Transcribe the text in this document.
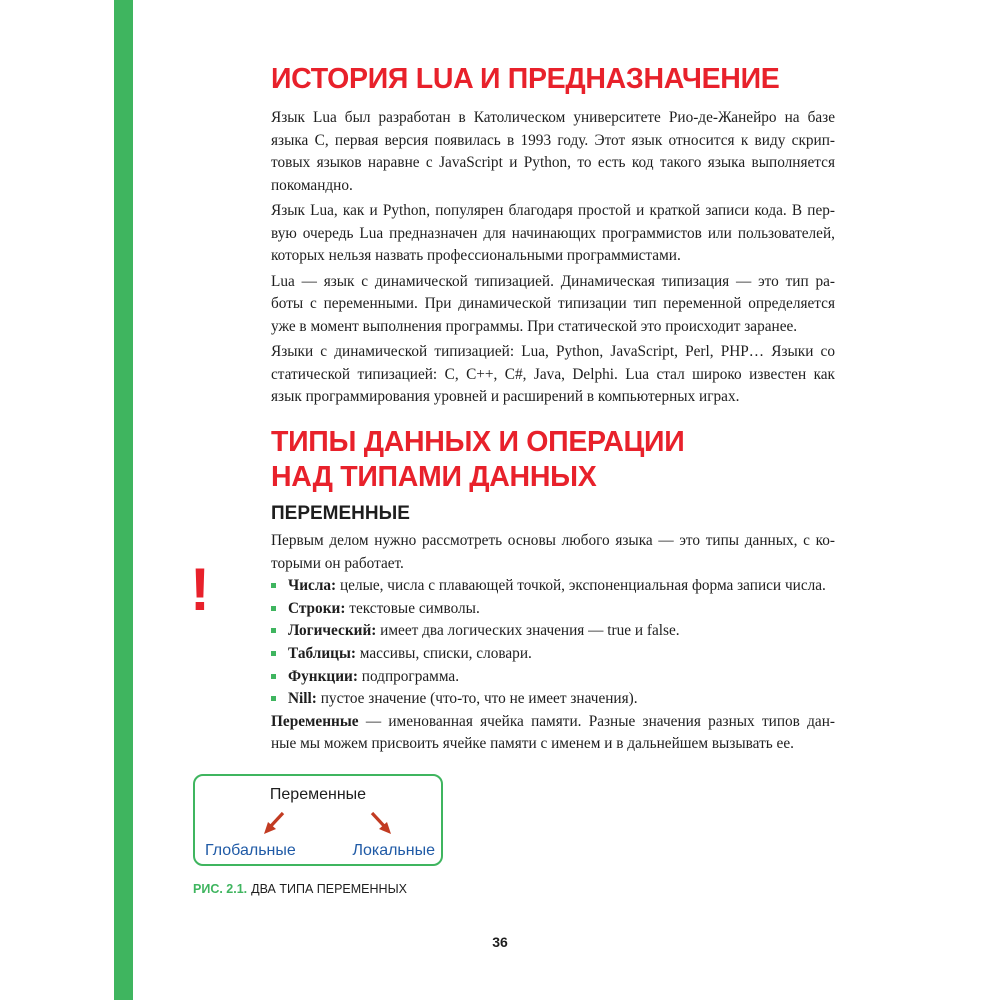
ИСТОРИЯ LUA И ПРЕДНАЗНАЧЕНИЕ

Язык Lua был разработан в Католическом университете Рио-де-Жанейро на базе
языка С, первая версия появилась в 1993 году. Этот язык относится к виду скрип-
товых языков наравне с JavaScript и Python, то есть код такого языка выполняется
покомандно.

Язык Lua, как и Python, популярен благодаря простой и краткой записи кода. В пер-
вую очередь Lua предназначен для начинающих программистов или пользователей,
которых нельзя назвать профессиональными программистами.

Lua — язык с динамической типизацией. Динамическая типизация — это тип ра-
боты с переменными. При динамической типизации тип переменной определяется
уже в момент выполнения программы. При статической это происходит заранее.

Языки с динамической типизацией: Lua, Python, JavaScript, Perl, PHP… Языки со
статической типизацией: C, C++, C#, Java, Delphi. Lua стал широко известен как
язык программирования уровней и расширений в компьютерных играх.

ТИПЫ ДАННЫХ И ОПЕРАЦИИ
НАД ТИПАМИ ДАННЫХ
ПЕРЕМЕННЫЕ
!

Первым делом нужно рассмотреть основы любого языка — это типы данных, с ко-
торыми он работает.

Числа: целые, числа с плавающей точкой, экспоненциальная форма записи числа.
Строки: текстовые символы.
Логический: имеет два логических значения — true и false.
Таблицы: массивы, списки, словари.
Функции: подпрограмма.
Nill: пустое значение (что-то, что не имеет значения).

Переменные — именованная ячейка памяти. Разные значения разных типов дан-
ные мы можем присвоить ячейке памяти с именем и в дальнейшем вызывать ее.

Переменные
Глобальные	Локальные
РИС. 2.1. ДВА ТИПА ПЕРЕМЕННЫХ
36
